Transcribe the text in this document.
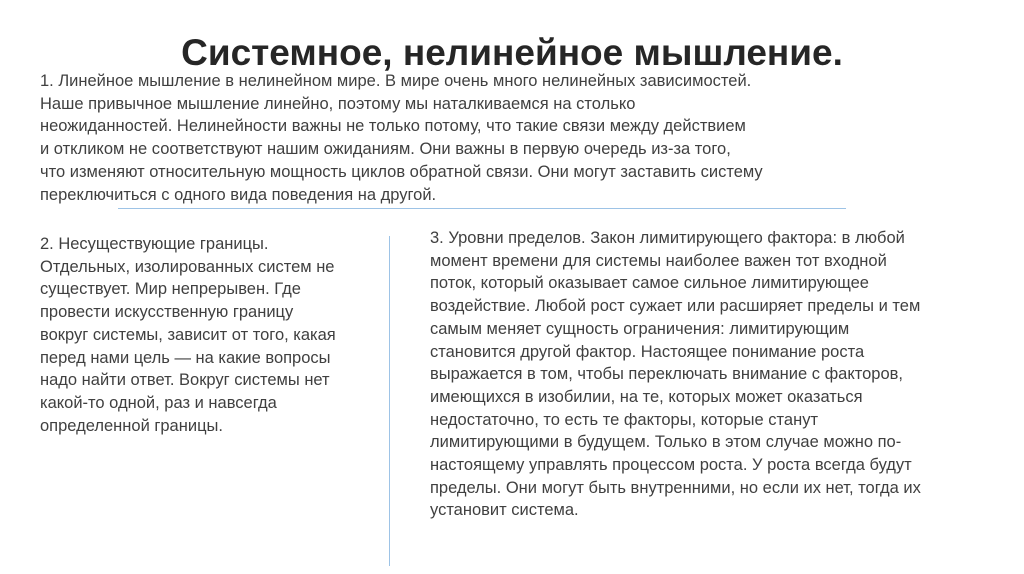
Системное, нелинейное мышление.

1. Линейное мышление в нелинейном мире. В мире очень много нелинейных зависимостей.
Наше привычное мышление линейно, поэтому мы наталкиваемся на столько
неожиданностей. Нелинейности важны не только потому, что такие связи между действием
и откликом не соответствуют нашим ожиданиям. Они важны в первую очередь из-за того,
что изменяют относительную мощность циклов обратной связи. Они могут заставить систему
переключиться с одного вида поведения на другой.

2. Несуществующие границы.
Отдельных, изолированных систем не
существует. Мир непрерывен. Где
провести искусственную границу
вокруг системы, зависит от того, какая
перед нами цель — на какие вопросы
надо найти ответ. Вокруг системы нет
какой-то одной, раз и навсегда
определенной границы.

3. Уровни пределов. Закон лимитирующего фактора: в любой
момент времени для системы наиболее важен тот входной
поток, который оказывает самое сильное лимитирующее
воздействие. Любой рост сужает или расширяет пределы и тем
самым меняет сущность ограничения: лимитирующим
становится другой фактор. Настоящее понимание роста
выражается в том, чтобы переключать внимание с факторов,
имеющихся в изобилии, на те, которых может оказаться
недостаточно, то есть те факторы, которые станут
лимитирующими в будущем. Только в этом случае можно по-
настоящему управлять процессом роста. У роста всегда будут
пределы. Они могут быть внутренними, но если их нет, тогда их
установит система.
